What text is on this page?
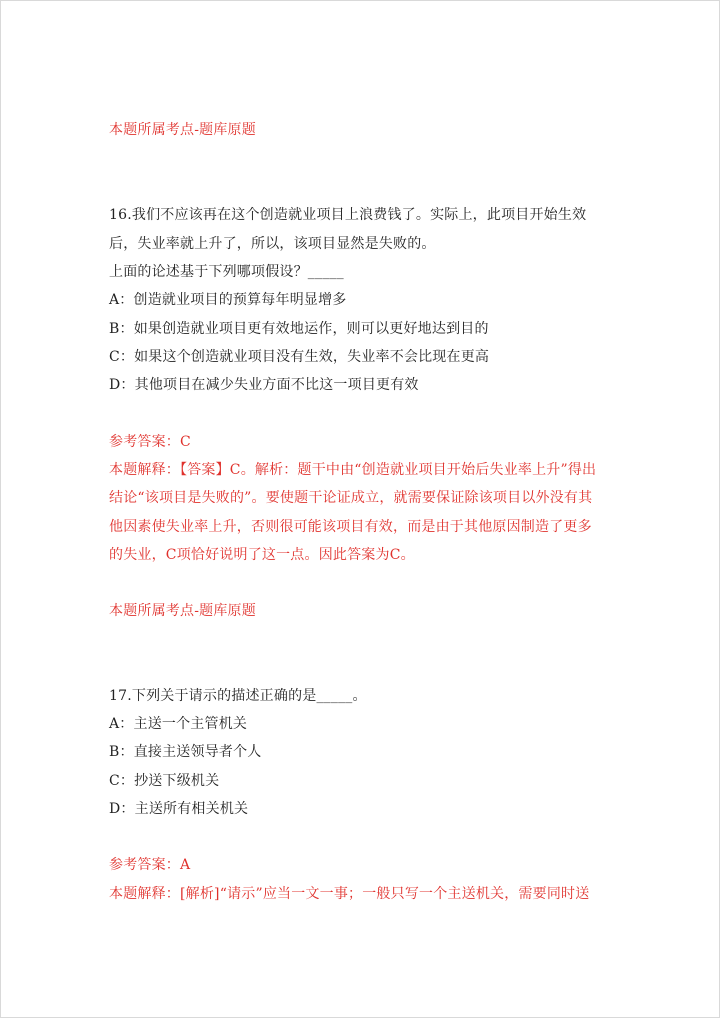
本题所属考点-题库原题
16.我们不应该再在这个创造就业项目上浪费钱了。实际上，此项目开始生效
后，失业率就上升了，所以，该项目显然是失败的。
上面的论述基于下列哪项假设？_____
A：创造就业项目的预算每年明显增多
B：如果创造就业项目更有效地运作，则可以更好地达到目的
C：如果这个创造就业项目没有生效，失业率不会比现在更高
D：其他项目在减少失业方面不比这一项目更有效
参考答案：C
本题解释：【答案】C。解析：题干中由“创造就业项目开始后失业率上升”得出
结论“该项目是失败的”。要使题干论证成立，就需要保证除该项目以外没有其
他因素使失业率上升，否则很可能该项目有效，而是由于其他原因制造了更多
的失业，C项恰好说明了这一点。因此答案为C。
本题所属考点-题库原题
17.下列关于请示的描述正确的是_____。
A：主送一个主管机关
B：直接主送领导者个人
C：抄送下级机关
D：主送所有相关机关
参考答案：A
本题解释：[解析]“请示”应当一文一事；一般只写一个主送机关，需要同时送
